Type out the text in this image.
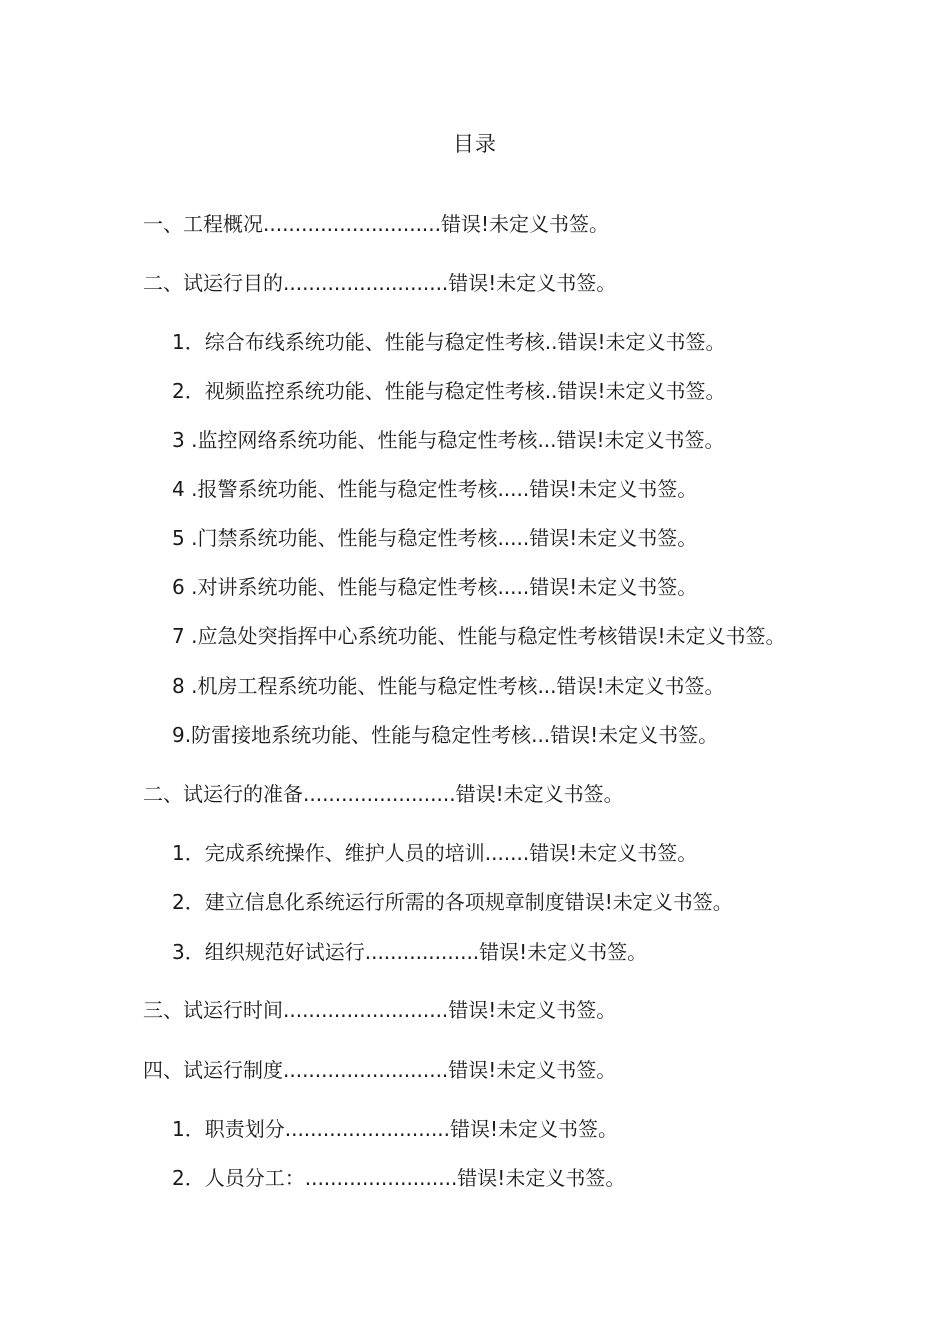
目录
一、工程概况............................错误!未定义书签。
二、试运行目的..........................错误!未定义书签。
1．综合布线系统功能、性能与稳定性考核..错误!未定义书签。
2．视频监控系统功能、性能与稳定性考核..错误!未定义书签。
3 .监控网络系统功能、性能与稳定性考核...错误!未定义书签。
4 .报警系统功能、性能与稳定性考核.....错误!未定义书签。
5 .门禁系统功能、性能与稳定性考核.....错误!未定义书签。
6 .对讲系统功能、性能与稳定性考核.....错误!未定义书签。
7 .应急处突指挥中心系统功能、性能与稳定性考核错误!未定义书签。
8 .机房工程系统功能、性能与稳定性考核...错误!未定义书签。
9.防雷接地系统功能、性能与稳定性考核...错误!未定义书签。
二、试运行的准备........................错误!未定义书签。
1．完成系统操作、维护人员的培训.......错误!未定义书签。
2．建立信息化系统运行所需的各项规章制度错误!未定义书签。
3．组织规范好试运行..................错误!未定义书签。
三、试运行时间..........................错误!未定义书签。
四、试运行制度..........................错误!未定义书签。
1．职责划分..........................错误!未定义书签。
2．人员分工：........................错误!未定义书签。
